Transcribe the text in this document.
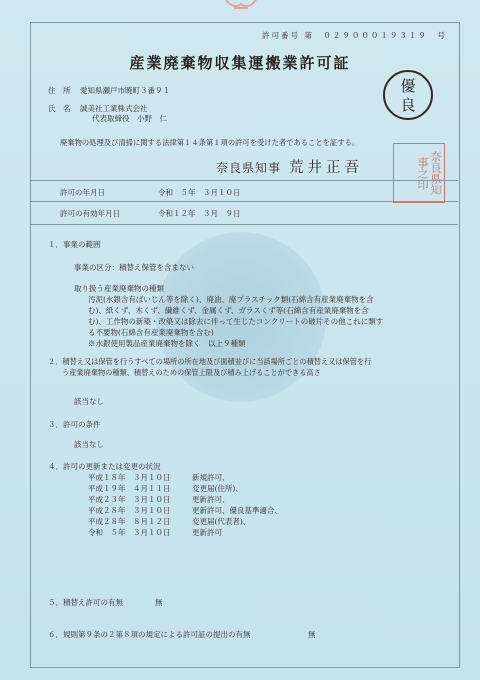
許可番号 第　０２９０００１９３１９　号
産業廃棄物収集運搬業許可証
住　所 愛知県瀬戸市暁町３番９１
氏　名 誠美社工業株式会社
代表取締役　小野　仁
優良
廃棄物の処理及び清掃に関する法律第１４条第１項の許可を受けた者であることを証する。
奈良県知事 荒井正吾	奈良県知事之印
許可の年月日	令和　５年　３月１０日
許可の有効年月日	令和１２年　３月　９日
１．事業の範囲
事業の区分：積替え保管を含まない
取り扱う産業廃棄物の種類
汚泥(水銀含有ばいじん等を除く)、廃油、廃プラスチック類(石綿含有産業廃棄物を含
む)、紙くず、木くず、繊維くず、金属くず、ガラスくず等(石綿含有産業廃棄物を含
む)、工作物の新築・改築又は除去に伴って生じたコンクリートの破片その他これに類す
る不要物(石綿含有産業廃棄物を含む)
※水銀使用製品産業廃棄物を除く　以上９種類
２．積替え又は保管を行うすべての場所の所在地及び面積並びに当該場所ごとの積替え又は保管を行
う産業廃棄物の種類、積替えのための保管上限及び積み上げることができる高さ
該当なし
３．許可の条件
該当なし
４．許可の更新または変更の状況
平成１８年　３月１０日	新規許可、
平成１９年　４月１１日	変更届(住所)、
平成２３年　３月１０日	更新許可、
平成２８年　３月１０日	更新許可、優良基準適合、
平成２８年　８月１２日	変更届(代表者)、
令和　５年　３月１０日	更新許可
５．積替え許可の有無	無
６．規則第９条の２第８項の規定による許可証の提出の有無	無
